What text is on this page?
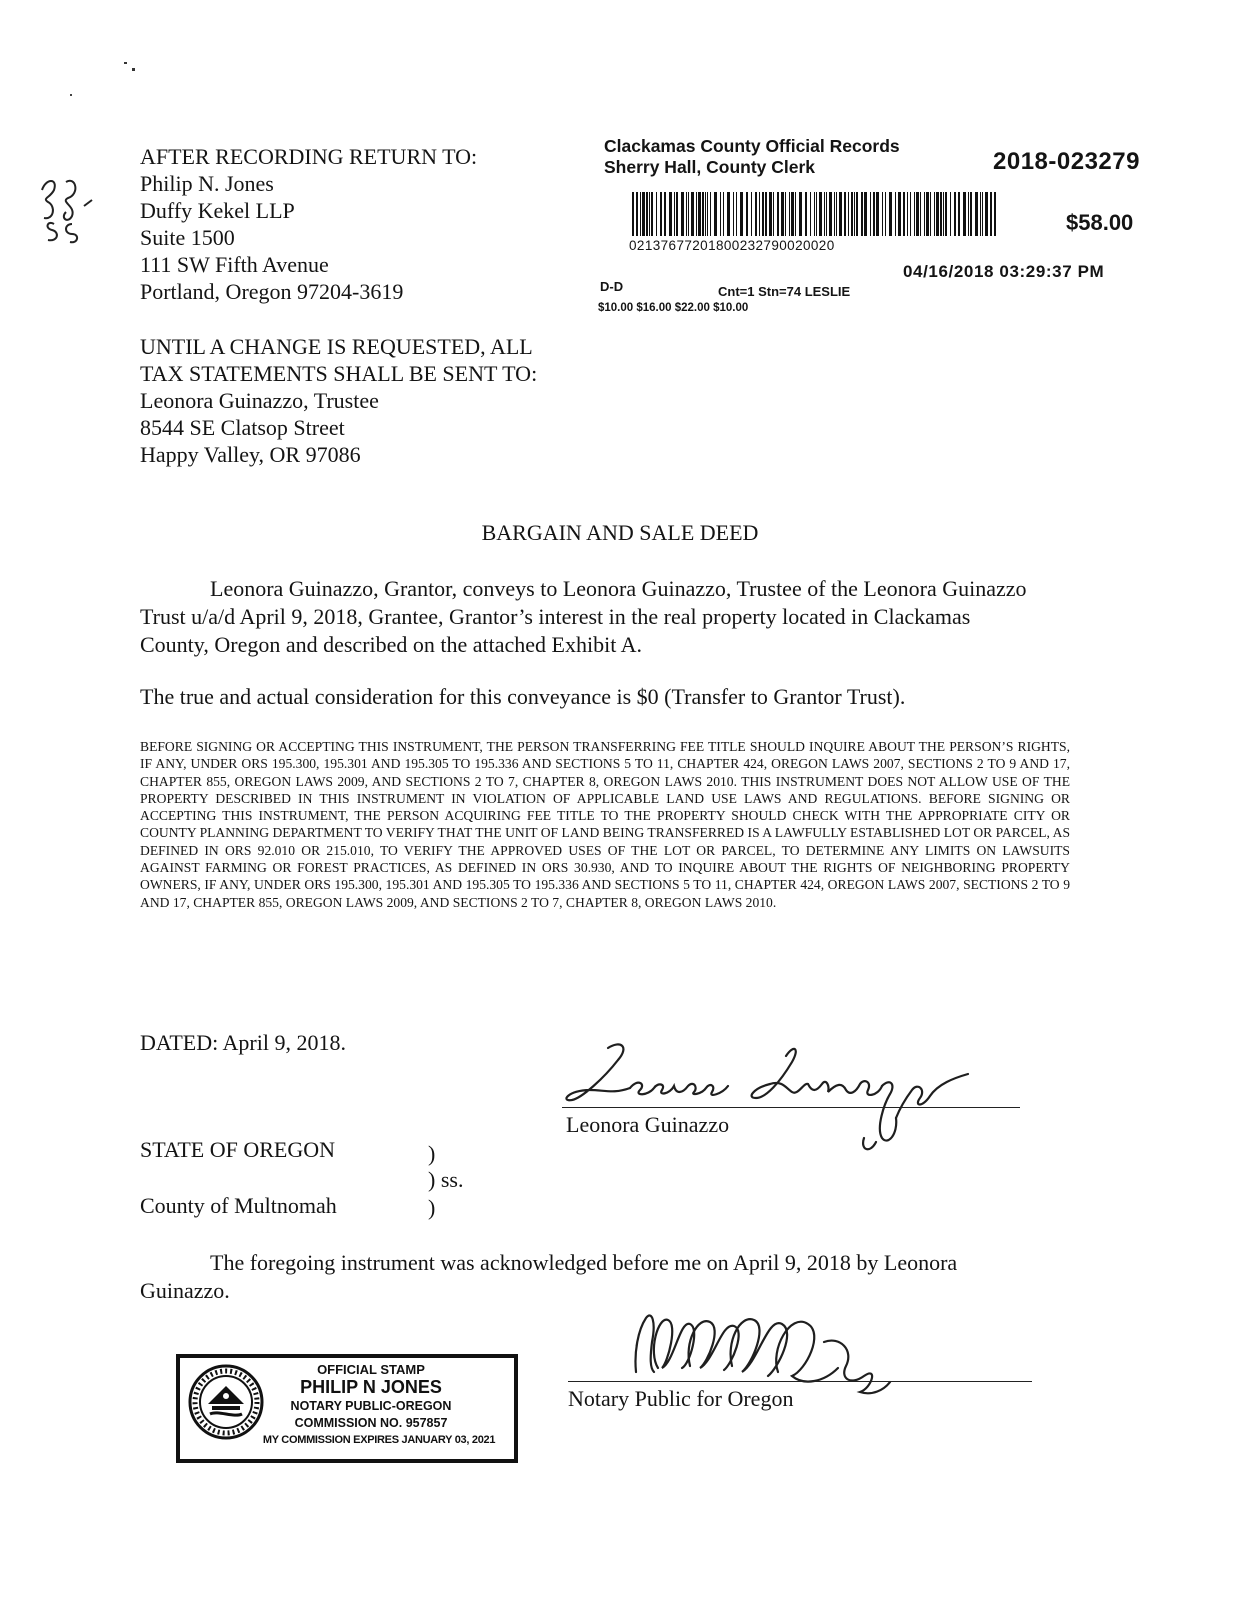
AFTER RECORDING RETURN TO:
Philip N. Jones
Duffy Kekel LLP
Suite 1500
111 SW Fifth Avenue
Portland, Oregon 97204-3619
UNTIL A CHANGE IS REQUESTED, ALL
TAX STATEMENTS SHALL BE SENT TO:
Leonora Guinazzo, Trustee
8544 SE Clatsop Street
Happy Valley, OR 97086
Clackamas County Official Records
Sherry Hall, County Clerk	2018-023279
$58.00
02137677201800232790020020
04/16/2018 03:29:37 PM
D-D	Cnt=1 Stn=74 LESLIE
$10.00 $16.00 $22.00 $10.00
BARGAIN AND SALE DEED
Leonora Guinazzo, Grantor, conveys to Leonora Guinazzo, Trustee of the Leonora Guinazzo Trust u/a/d April 9, 2018, Grantee, Grantor’s interest in the real property located in Clackamas County, Oregon and described on the attached Exhibit A.
The true and actual consideration for this conveyance is $0 (Transfer to Grantor Trust).
BEFORE SIGNING OR ACCEPTING THIS INSTRUMENT, THE PERSON TRANSFERRING FEE TITLE SHOULD INQUIRE ABOUT THE PERSON’S RIGHTS, IF ANY, UNDER ORS 195.300, 195.301 AND 195.305 TO 195.336 AND SECTIONS 5 TO 11, CHAPTER 424, OREGON LAWS 2007, SECTIONS 2 TO 9 AND 17, CHAPTER 855, OREGON LAWS 2009, AND SECTIONS 2 TO 7, CHAPTER 8, OREGON LAWS 2010. THIS INSTRUMENT DOES NOT ALLOW USE OF THE PROPERTY DESCRIBED IN THIS INSTRUMENT IN VIOLATION OF APPLICABLE LAND USE LAWS AND REGULATIONS. BEFORE SIGNING OR ACCEPTING THIS INSTRUMENT, THE PERSON ACQUIRING FEE TITLE TO THE PROPERTY SHOULD CHECK WITH THE APPROPRIATE CITY OR COUNTY PLANNING DEPARTMENT TO VERIFY THAT THE UNIT OF LAND BEING TRANSFERRED IS A LAWFULLY ESTABLISHED LOT OR PARCEL, AS DEFINED IN ORS 92.010 OR 215.010, TO VERIFY THE APPROVED USES OF THE LOT OR PARCEL, TO DETERMINE ANY LIMITS ON LAWSUITS AGAINST FARMING OR FOREST PRACTICES, AS DEFINED IN ORS 30.930, AND TO INQUIRE ABOUT THE RIGHTS OF NEIGHBORING PROPERTY OWNERS, IF ANY, UNDER ORS 195.300, 195.301 AND 195.305 TO 195.336 AND SECTIONS 5 TO 11, CHAPTER 424, OREGON LAWS 2007, SECTIONS 2 TO 9 AND 17, CHAPTER 855, OREGON LAWS 2009, AND SECTIONS 2 TO 7, CHAPTER 8, OREGON LAWS 2010.
DATED: April 9, 2018.
Leonora Guinazzo
STATE OF OREGON	)
) ss.
County of Multnomah	)
The foregoing instrument was acknowledged before me on April 9, 2018 by Leonora Guinazzo.
Notary Public for Oregon
OFFICIAL STAMP
PHILIP N JONES
NOTARY PUBLIC-OREGON
COMMISSION NO. 957857
MY COMMISSION EXPIRES JANUARY 03, 2021
